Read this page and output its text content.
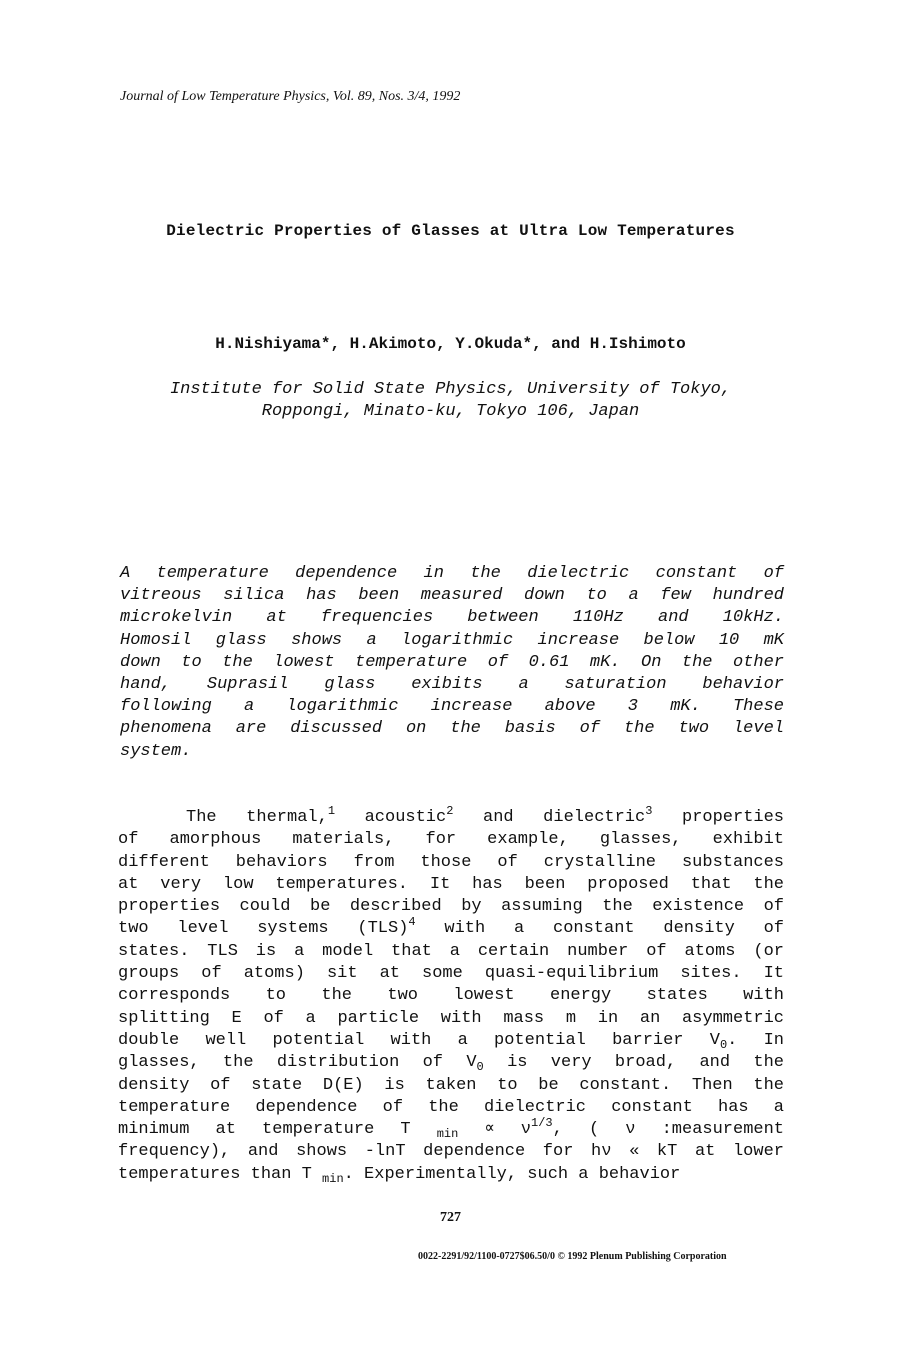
Journal of Low Temperature Physics, Vol. 89, Nos. 3/4, 1992
Dielectric Properties of Glasses at Ultra Low Temperatures
H.Nishiyama*, H.Akimoto, Y.Okuda*, and H.Ishimoto
Institute for Solid State Physics, University of Tokyo,
Roppongi, Minato-ku, Tokyo 106, Japan
A temperature dependence in the dielectric constant of
vitreous silica has been measured down to a few hundred
microkelvin at frequencies between 110Hz and 10kHz.
Homosil glass shows a logarithmic increase below 10 mK
down to the lowest temperature of 0.61 mK. On the other
hand, Suprasil glass exibits a saturation behavior
following a logarithmic increase above 3 mK. These
phenomena are discussed on the basis of the two level
system.
The thermal,$^1$ acoustic$^2$ and dielectric$^3$ properties
of amorphous materials, for example, glasses, exhibit
different behaviors from those of crystalline substances
at very low temperatures. It has been proposed that the
properties could be described by assuming the existence of
two level systems (TLS)$^4$ with a constant density of
states. TLS is a model that a certain number of atoms (or
groups of atoms) sit at some quasi-equilibrium sites. It
corresponds to the two lowest energy states with
splitting E of a particle with mass m in an asymmetric
double well potential with a potential barrier $V_0$. In
glasses, the distribution of $V_0$ is very broad, and the
density of state D(E) is taken to be constant. Then the
temperature dependence of the dielectric constant has a
minimum at temperature T $_{min} \propto \nu^{1/3}$, ( ν :measurement
frequency), and shows -lnT dependence for hν « kT at lower
temperatures than T $_{min}$. Experimentally, such a behavior
727
0022-2291/92/1100-0727$06.50/0 © 1992 Plenum Publishing Corporation
